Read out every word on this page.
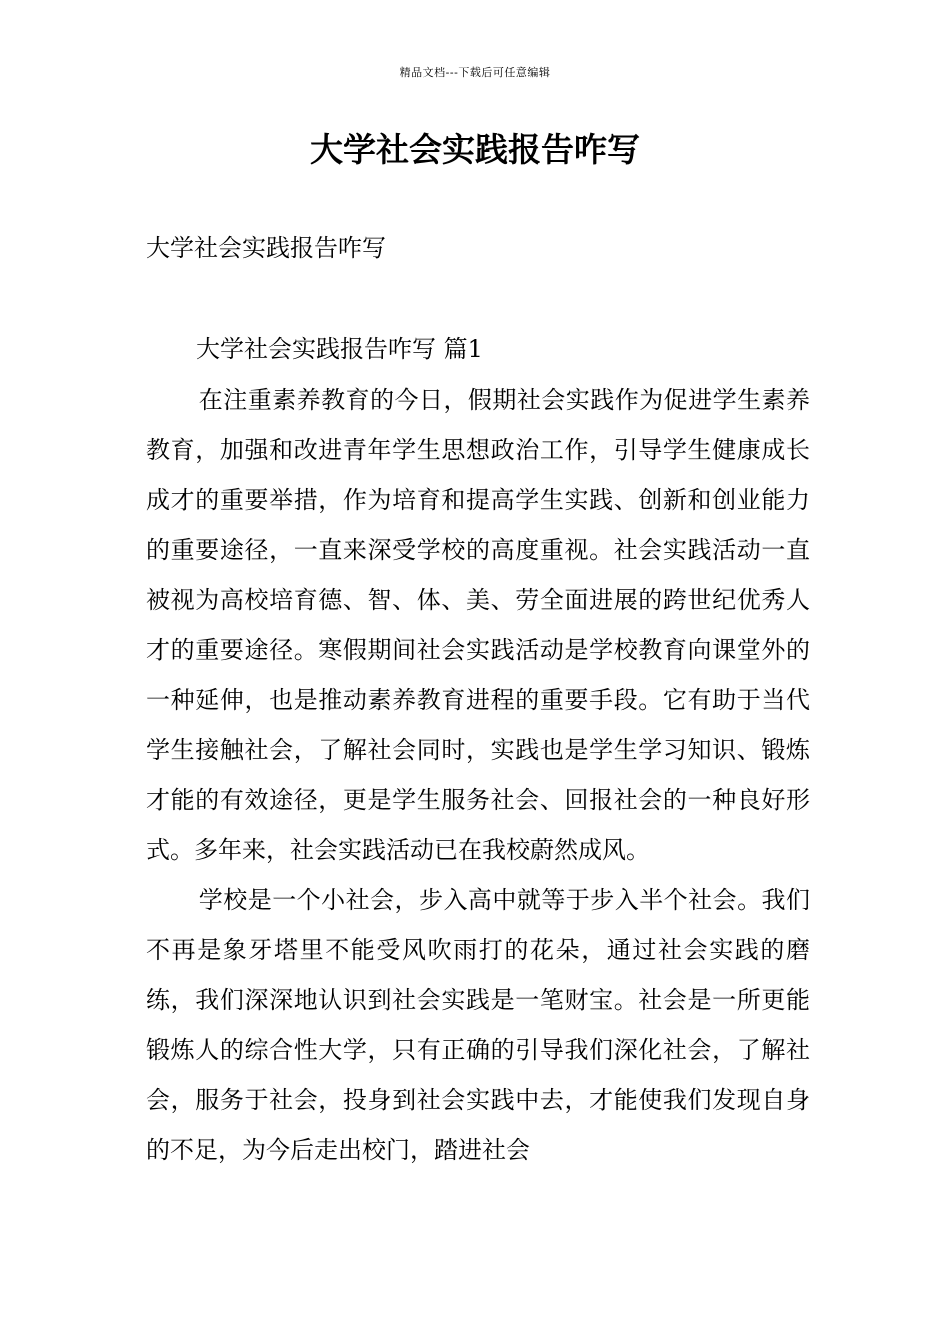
精品文档---下载后可任意编辑
大学社会实践报告咋写

大学社会实践报告咋写

大学社会实践报告咋写 篇1

在注重素养教育的今日，假期社会实践作为促进学生素养教育，加强和改进青年学生思想政治工作，引导学生健康成长成才的重要举措，作为培育和提高学生实践、创新和创业能力的重要途径，一直来深受学校的高度重视。社会实践活动一直被视为高校培育德、智、体、美、劳全面进展的跨世纪优秀人才的重要途径。寒假期间社会实践活动是学校教育向课堂外的一种延伸，也是推动素养教育进程的重要手段。它有助于当代学生接触社会，了解社会同时，实践也是学生学习知识、锻炼才能的有效途径，更是学生服务社会、回报社会的一种良好形式。多年来，社会实践活动已在我校蔚然成风。

学校是一个小社会，步入高中就等于步入半个社会。我们不再是象牙塔里不能受风吹雨打的花朵，通过社会实践的磨练，我们深深地认识到社会实践是一笔财宝。社会是一所更能锻炼人的综合性大学，只有正确的引导我们深化社会，了解社会，服务于社会，投身到社会实践中去，才能使我们发现自身的不足，为今后走出校门，踏进社会
